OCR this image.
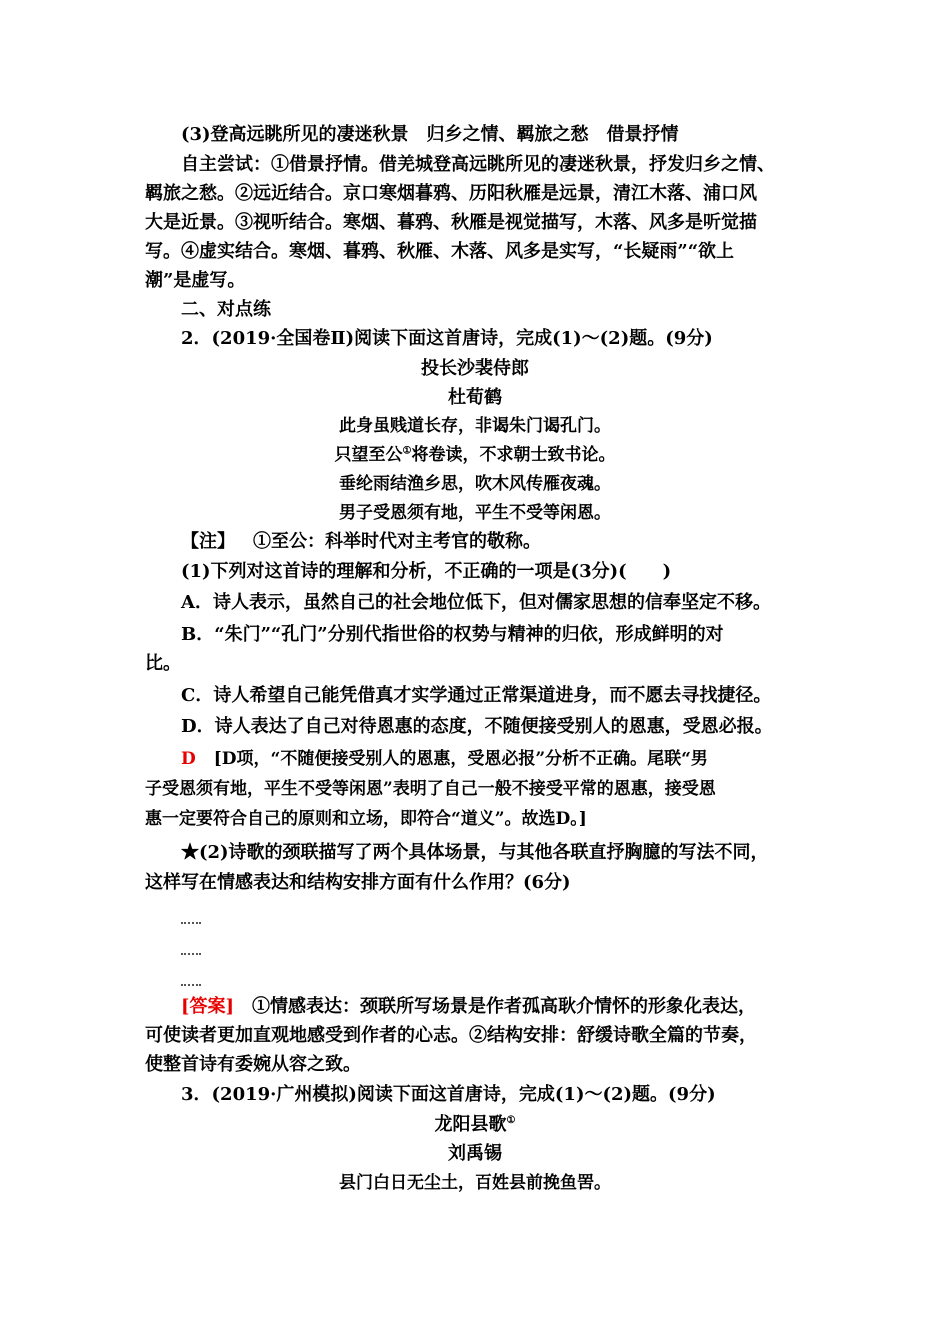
(3)登高远眺所见的凄迷秋景　归乡之情、羁旅之愁　借景抒情
自主尝试：①借景抒情。借羌城登高远眺所见的凄迷秋景，抒发归乡之情、
羁旅之愁。②远近结合。京口寒烟暮鸦、历阳秋雁是远景，清江木落、浦口风
大是近景。③视听结合。寒烟、暮鸦、秋雁是视觉描写，木落、风多是听觉描
写。④虚实结合。寒烟、暮鸦、秋雁、木落、风多是实写，“长疑雨”“欲上
潮”是虚写。
二、对点练
2．(2019·全国卷Ⅱ)阅读下面这首唐诗，完成(1)～(2)题。(9分)
投长沙裴侍郎
杜荀鹤
此身虽贱道长存，非谒朱门谒孔门。
只望至公①将卷读，不求朝士致书论。
垂纶雨结渔乡思，吹木风传雁夜魂。
男子受恩须有地，平生不受等闲恩。
【注】 ①至公：科举时代对主考官的敬称。
(1)下列对这首诗的理解和分析，不正确的一项是(3分)(　　)
A．诗人表示，虽然自己的社会地位低下，但对儒家思想的信奉坚定不移。
B．“朱门”“孔门”分别代指世俗的权势与精神的归依，形成鲜明的对
比。
C．诗人希望自己能凭借真才实学通过正常渠道进身，而不愿去寻找捷径。
D．诗人表达了自己对待恩惠的态度，不随便接受别人的恩惠，受恩必报。
D [D项，“不随便接受别人的恩惠，受恩必报”分析不正确。尾联“男
子受恩须有地，平生不受等闲恩”表明了自己一般不接受平常的恩惠，接受恩
惠一定要符合自己的原则和立场，即符合“道义”。故选D。]
★(2)诗歌的颈联描写了两个具体场景，与其他各联直抒胸臆的写法不同，
这样写在情感表达和结构安排方面有什么作用？(6分)
[答案] ①情感表达：颈联所写场景是作者孤高耿介情怀的形象化表达，
可使读者更加直观地感受到作者的心志。②结构安排：舒缓诗歌全篇的节奏，
使整首诗有委婉从容之致。
3．(2019·广州模拟)阅读下面这首唐诗，完成(1)～(2)题。(9分)
龙阳县歌①
刘禹锡
县门白日无尘土，百姓县前挽鱼罟。
